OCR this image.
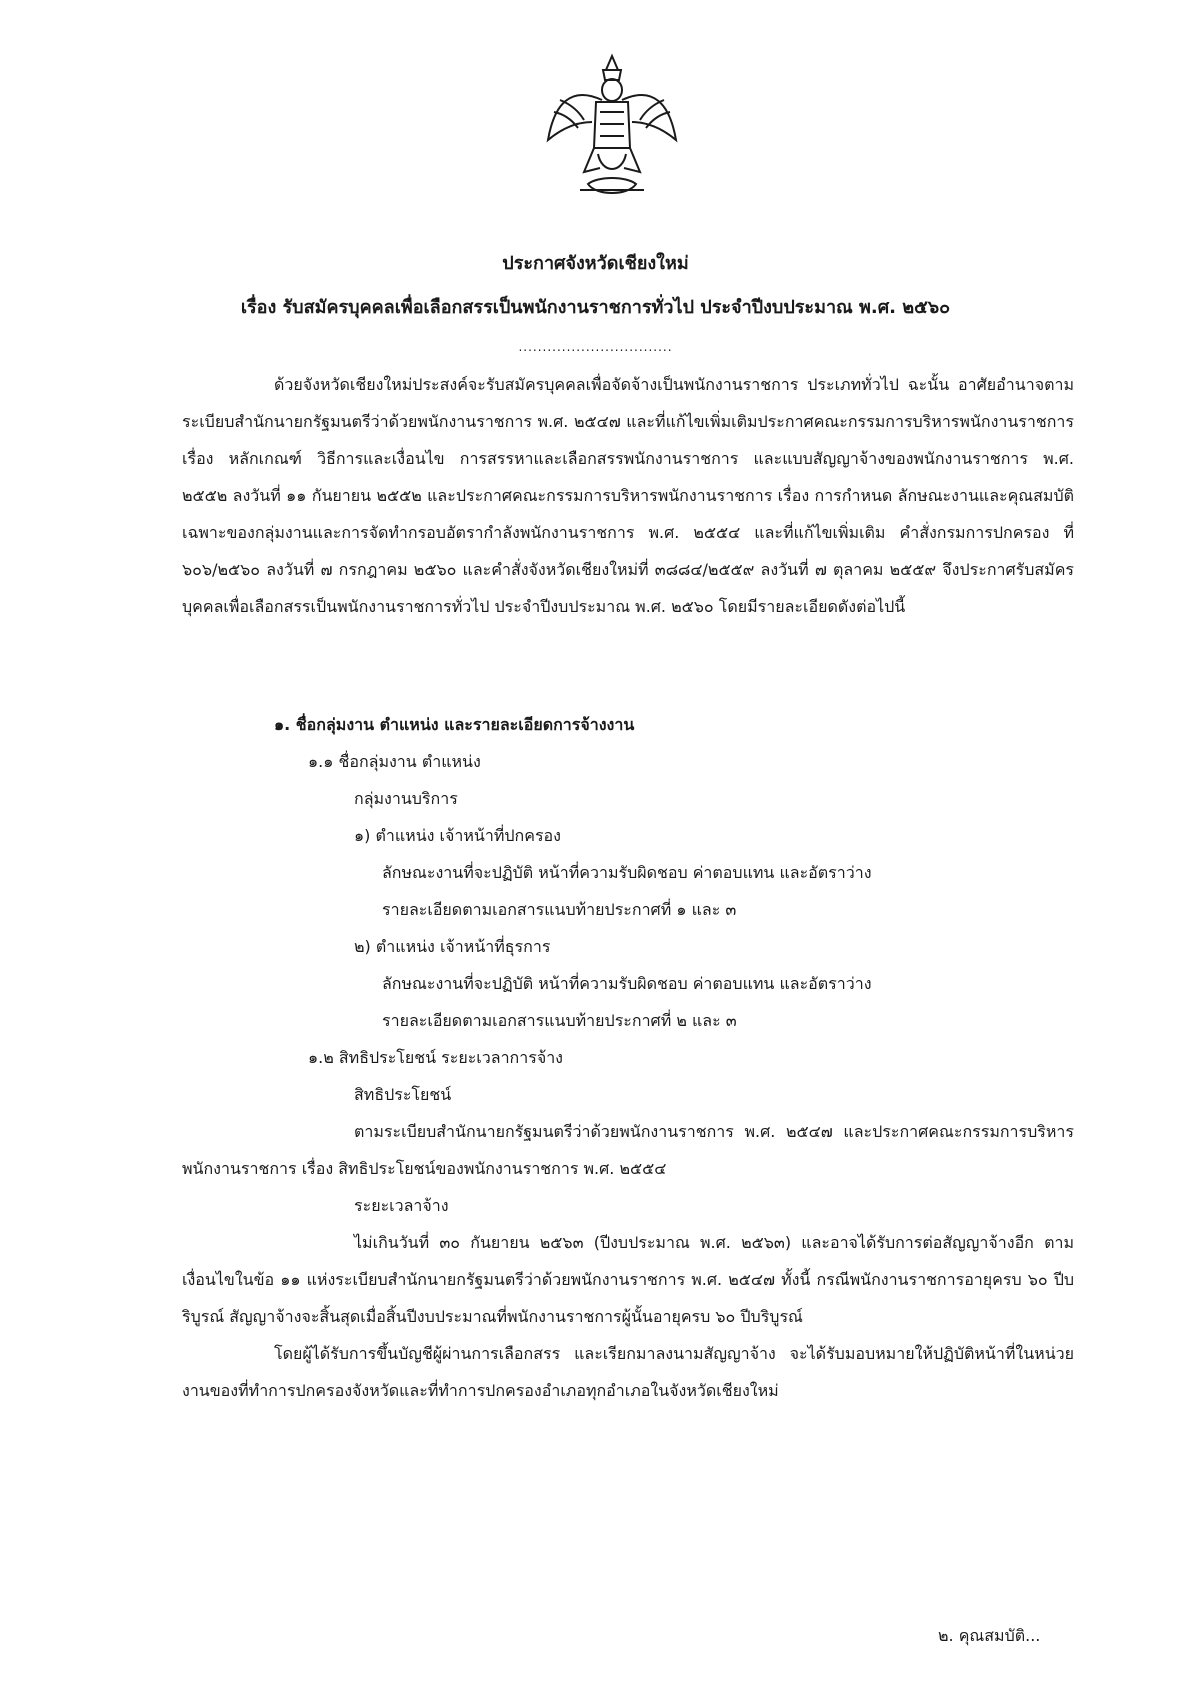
ประกาศจังหวัดเชียงใหม่
เรื่อง รับสมัครบุคคลเพื่อเลือกสรรเป็นพนักงานราชการทั่วไป ประจำปีงบประมาณ พ.ศ. ๒๕๖๐
................................

ด้วยจังหวัดเชียงใหม่ประสงค์จะรับสมัครบุคคลเพื่อจัดจ้างเป็นพนักงานราชการ ประเภททั่วไป ฉะนั้น อาศัยอำนาจตามระเบียบสำนักนายกรัฐมนตรีว่าด้วยพนักงานราชการ พ.ศ. ๒๕๔๗ และที่แก้ไขเพิ่มเติมประกาศคณะกรรมการบริหารพนักงานราชการ เรื่อง หลักเกณฑ์ วิธีการและเงื่อนไข การสรรหาและเลือกสรรพนักงานราชการ และแบบสัญญาจ้างของพนักงานราชการ พ.ศ. ๒๕๕๒ ลงวันที่ ๑๑ กันยายน ๒๕๕๒ และประกาศคณะกรรมการบริหารพนักงานราชการ เรื่อง การกำหนด ลักษณะงานและคุณสมบัติเฉพาะของกลุ่มงานและการจัดทำกรอบอัตรากำลังพนักงานราชการ พ.ศ. ๒๕๕๔ และที่แก้ไขเพิ่มเติม คำสั่งกรมการปกครอง ที่ ๖๐๖/๒๕๖๐ ลงวันที่ ๗ กรกฎาคม ๒๕๖๐ และคำสั่งจังหวัดเชียงใหม่ที่ ๓๘๘๔/๒๕๕๙ ลงวันที่ ๗ ตุลาคม ๒๕๕๙ จึงประกาศรับสมัครบุคคลเพื่อเลือกสรรเป็นพนักงานราชการทั่วไป ประจำปีงบประมาณ พ.ศ. ๒๕๖๐ โดยมีรายละเอียดดังต่อไปนี้

๑. ชื่อกลุ่มงาน ตำแหน่ง และรายละเอียดการจ้างงาน

๑.๑ ชื่อกลุ่มงาน ตำแหน่ง

กลุ่มงานบริการ

๑) ตำแหน่ง เจ้าหน้าที่ปกครอง

ลักษณะงานที่จะปฏิบัติ หน้าที่ความรับผิดชอบ ค่าตอบแทน และอัตราว่าง

รายละเอียดตามเอกสารแนบท้ายประกาศที่ ๑ และ ๓

๒) ตำแหน่ง เจ้าหน้าที่ธุรการ

ลักษณะงานที่จะปฏิบัติ หน้าที่ความรับผิดชอบ ค่าตอบแทน และอัตราว่าง

รายละเอียดตามเอกสารแนบท้ายประกาศที่ ๒ และ ๓

๑.๒ สิทธิประโยชน์ ระยะเวลาการจ้าง

สิทธิประโยชน์

ตามระเบียบสำนักนายกรัฐมนตรีว่าด้วยพนักงานราชการ พ.ศ. ๒๕๔๗ และประกาศคณะกรรมการบริหารพนักงานราชการ เรื่อง สิทธิประโยชน์ของพนักงานราชการ พ.ศ. ๒๕๕๔

ระยะเวลาจ้าง

ไม่เกินวันที่ ๓๐ กันยายน ๒๕๖๓ (ปีงบประมาณ พ.ศ. ๒๕๖๓) และอาจได้รับการต่อสัญญาจ้างอีก ตามเงื่อนไขในข้อ ๑๑ แห่งระเบียบสำนักนายกรัฐมนตรีว่าด้วยพนักงานราชการ พ.ศ. ๒๕๔๗ ทั้งนี้ กรณีพนักงานราชการอายุครบ ๖๐ ปีบริบูรณ์ สัญญาจ้างจะสิ้นสุดเมื่อสิ้นปีงบประมาณที่พนักงานราชการผู้นั้นอายุครบ ๖๐ ปีบริบูรณ์

โดยผู้ได้รับการขึ้นบัญชีผู้ผ่านการเลือกสรร และเรียกมาลงนามสัญญาจ้าง จะได้รับมอบหมายให้ปฏิบัติหน้าที่ในหน่วยงานของที่ทำการปกครองจังหวัดและที่ทำการปกครองอำเภอทุกอำเภอในจังหวัดเชียงใหม่

๒. คุณสมบัติ...
